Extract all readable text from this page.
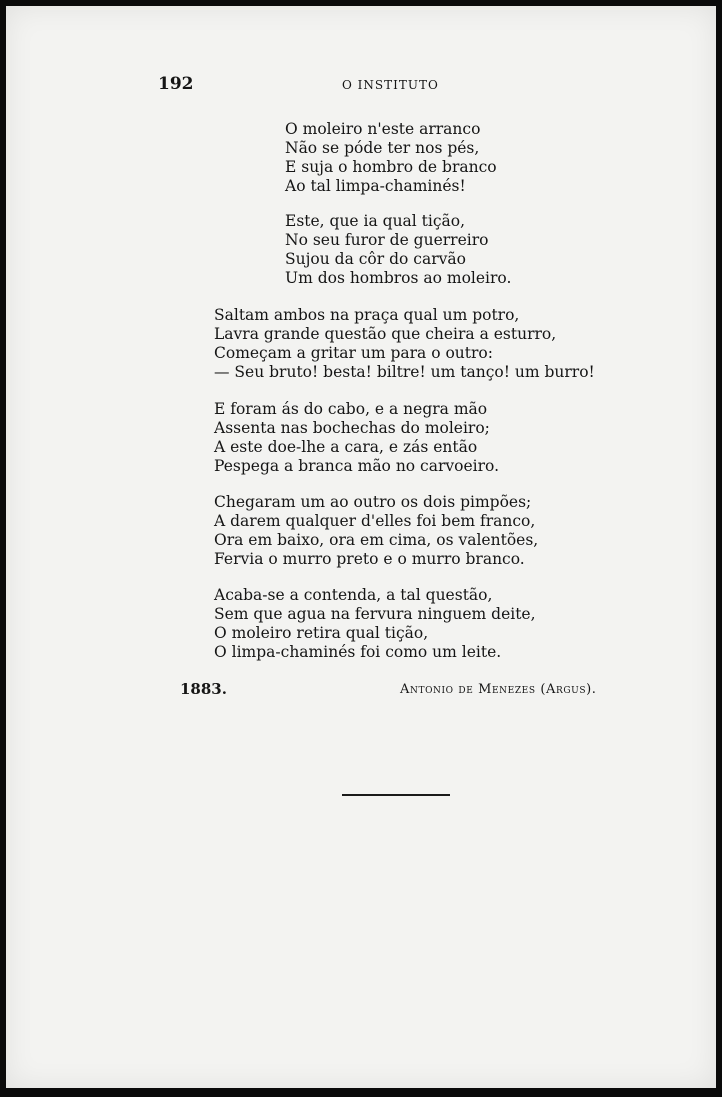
192	O INSTITUTO
O moleiro n'este arranco
Não se póde ter nos pés,
E suja o hombro de branco
Ao tal limpa-chaminés!
Este, que ia qual tição,
No seu furor de guerreiro
Sujou da côr do carvão
Um dos hombros ao moleiro.
Saltam ambos na praça qual um potro,
Lavra grande questão que cheira a esturro,
Começam a gritar um para o outro:
— Seu bruto! besta! biltre! um tanço! um burro!
E foram ás do cabo, e a negra mão
Assenta nas bochechas do moleiro;
A este doe-lhe a cara, e zás então
Pespega a branca mão no carvoeiro.
Chegaram um ao outro os dois pimpões;
A darem qualquer d'elles foi bem franco,
Ora em baixo, ora em cima, os valentões,
Fervia o murro preto e o murro branco.
Acaba-se a contenda, a tal questão,
Sem que agua na fervura ninguem deite,
O moleiro retira qual tição,
O limpa-chaminés foi como um leite.
1883.	Antonio de Menezes (Argus).
